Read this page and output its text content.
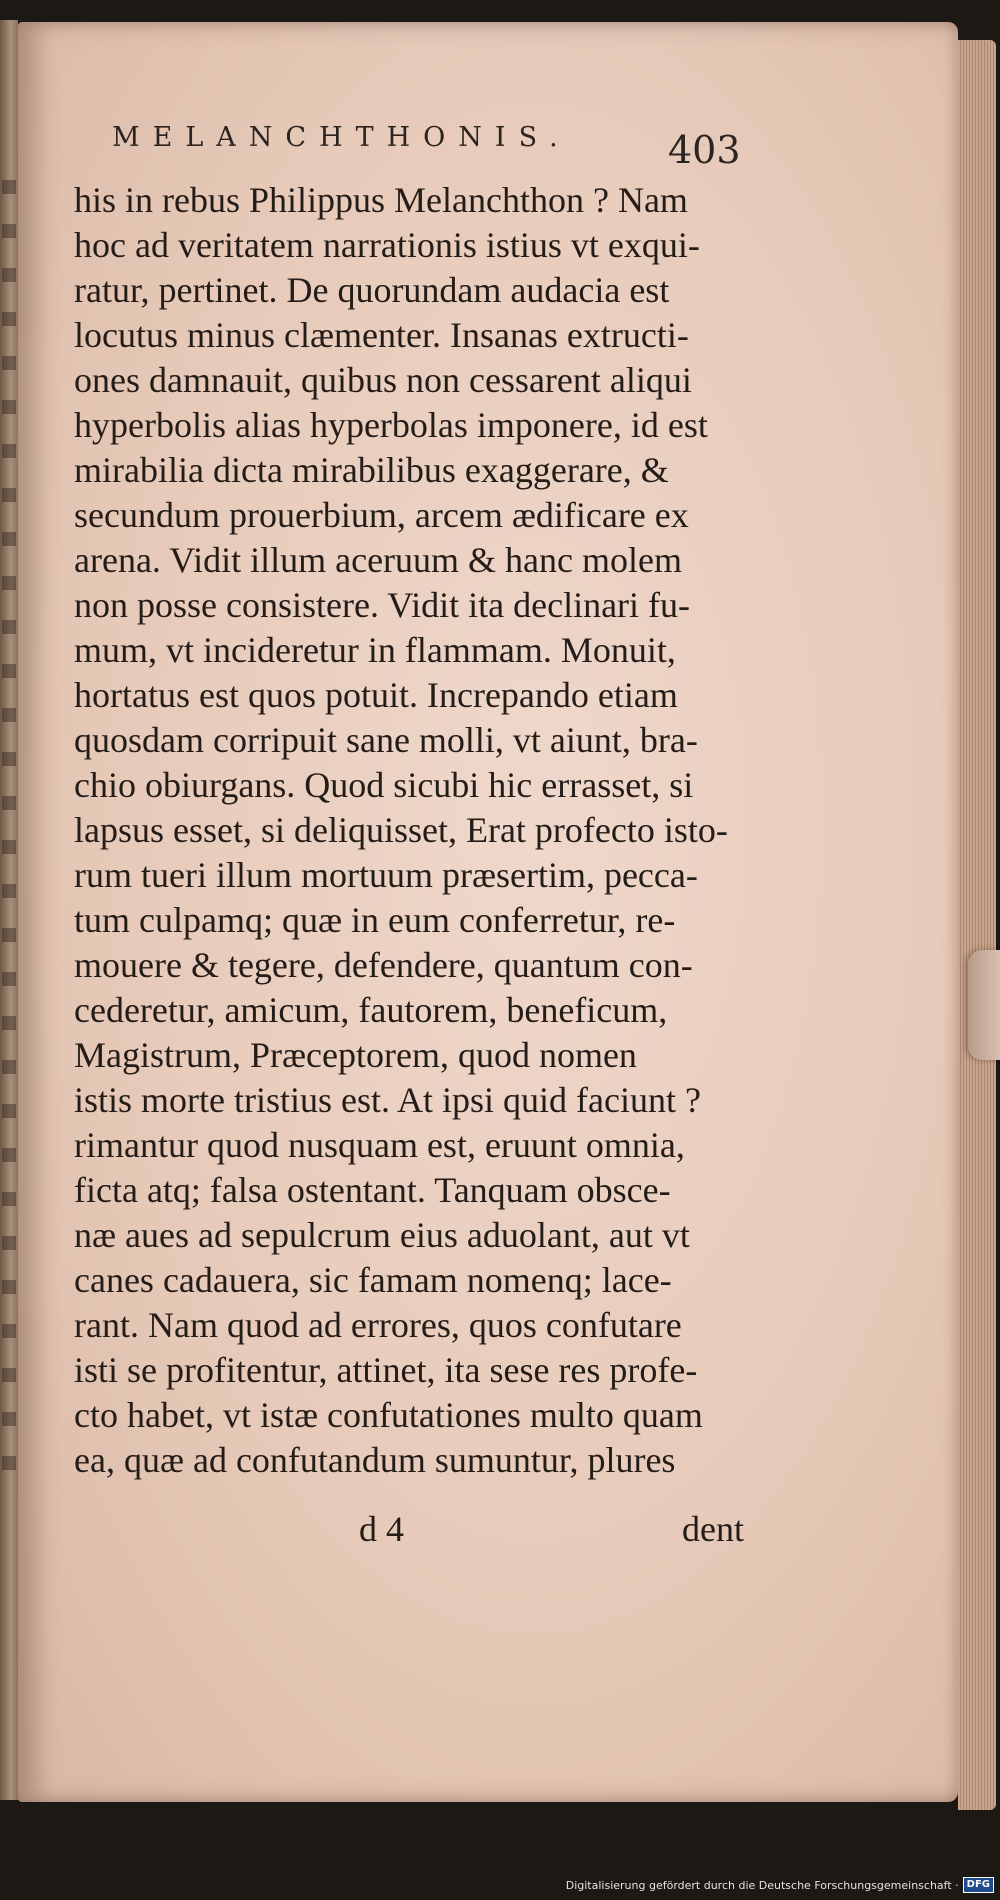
MELANCHTHONIS.	403
his in rebus Philippus Melanchthon ? Nam
hoc ad veritatem narrationis istius vt exqui-
ratur, pertinet. De quorundam audacia est
locutus minus clæmenter. Insanas extructi-
ones damnauit, quibus non cessarent aliqui
hyperbolis alias hyperbolas imponere, id est
mirabilia dicta mirabilibus exaggerare, &
secundum prouerbium, arcem ædificare ex
arena. Vidit illum aceruum & hanc molem
non posse consistere. Vidit ita declinari fu-
mum, vt incideretur in flammam. Monuit,
hortatus est quos potuit. Increpando etiam
quosdam corripuit sane molli, vt aiunt, bra-
chio obiurgans. Quod sicubi hic errasset, si
lapsus esset, si deliquisset, Erat profecto isto-
rum tueri illum mortuum præsertim, pecca-
tum culpamq; quæ in eum conferretur, re-
mouere & tegere, defendere, quantum con-
cederetur, amicum, fautorem, beneficum,
Magistrum, Præceptorem, quod nomen
istis morte tristius est. At ipsi quid faciunt ?
rimantur quod nusquam est, eruunt omnia,
ficta atq; falsa ostentant. Tanquam obsce-
næ aues ad sepulcrum eius aduolant, aut vt
canes cadauera, sic famam nomenq; lace-
rant. Nam quod ad errores, quos confutare
isti se profitentur, attinet, ita sese res profe-
cto habet, vt istæ confutationes multo quam
ea, quæ ad confutandum sumuntur, plures
d 4	dent
Digitalisierung gefördert durch die Deutsche Forschungsgemeinschaft · DFG
